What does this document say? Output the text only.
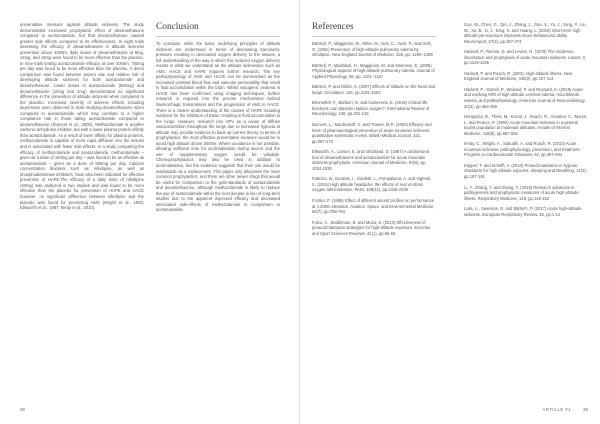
preventative measure against altitude sickness. The study demonstrated increased prophylactic effect of dexamethasone compared to acetazolamide, but that dexamethasone caused greater side effects compared to its effectiveness. In eight trials assessing the efficacy of dexamethasone in altitude sickness prevention above 4000m, daily doses of dexamethasone at 8mg, 12mg, and 16mg were found to be more effective than the placebo. In nine trials testing acetazolamide efficacy at over 4000m, 750mg per day was found to be more effective than the placebo. A direct comparison was found between ascent rate and relative risk of developing altitude sickness for both acetazolamide and dexamethasone. Lower doses of acetazolamide (500mg) and dexamethasone (10mg and 2mg) demonstrated no significant difference in the prevention of altitude sickness when compared to the placebo. Increased severity of adverse effects including depression were observed in trials studying dexamethasone when compared to acetazolamide which may correlate to a higher compliance rate in those taking acetazolamide compared to dexamethasone (Dumont et al., 2000). Methazolamide is another carbonic anhydrase inhibitor, but with a lower plasma protein affinity than acetazolamide. As a result of lower affinity for plasma proteins, methazolamide is capable of more rapid diffusion into the tissues and is associated with fewer side effects. In a study comparing the efficacy of methazolamide and acetazolamide, methazolamide – given as a dose of 150mg per day – was found to be as effective as acetazolamide – given as a dose of 500mg per day. Calcium concentration blockers such as nifedipine, as well as phosphodiesterase inhibitors, have also been indicated for effective prevention of HAPE.The efficacy of a daily dose of nifedipine (40mg) was analyzed in two studies and was found to be more effective than the placebo for prevention of HAPE and HACE however, no significant difference between nifedipine and the placebo was found for preventing AMS (Wright et al., 1993; Ellsworth et al., 1987; Imray et al., 2010).

Conclusion

To conclude, while the basic underlying principles of altitude sickness are understood in terms of decreasing barometric pressure resulting in decreased oxygen delivery to the tissues, a full understanding of the way in which this reduced oxygen delivery results in what we understand as the altitude sicknesses such as AMS, HACE and HAPE requires further research. The key pathophysiology of AMS and HACE can be summarised as the increased cerebral blood flow and vascular permeability that result in fluid accumulation within the brain. Whilst vasogenic oedema in HACE has been confirmed using imaging techniques, further research is required into the precise mechanisms behind haemorrhagic transmission and the progression of AMS to HACE. There is a clearer understanding of the causes of HAPE including evidence for the inhibition of ENaC resulting in fluid accumulation in the lungs. However, research into HPV as a cause of diffuse vasoconstriction throughout the lungs due to increased hypoxia at altitude may provide evidence to back up current theory. In terms of prophylactics, the most effective preventative measure would be to avoid high altitude above 2500m. Where avoidance is not possible, allowing sufficient time for acclimatisation during ascent and the use of supplementary oxygen would be valuable. Chemoprophylactics may also be used in addition to acclimatisation, but the evidence suggests that their use would be inadvisable as a replacement. This paper only discusses the more common prophylactics, and there are other newer drugs that would be useful for comparison to the gold-standards of acetazolamide and dexamethasone, although methazolamide is likely to replace the use of acetazolamide within the next decade in lieu of long-term studies due to the apparent improved efficacy and decreased associated side-effects of methazolamide in comparison to acetazolamide.

38
References

Bärtsch, P., Maggiorini, M., Ritter, M., Noti, C., Vock, P., and Oelz, O. (1991) Prevention of high-altitude pulmonary edema by nifedipine. New England Journal of Medicine, 325, pp. 1284–1289

Bärtsch, P., Mairbäurl, H., Maggiorini, M. and Swenson, E. (2005) Physiological aspects of high-altitude pulmonary edema. Journal of Applied Physiology, 98, pp. 1101–1110

Bärtsch, P. and Gibbs, S. (2007) Effects of altitude on the heart and lungs. Circulation, 116, pp.2191-2202

Bennetfelt, F., Barbieri, D. and Camerena, E. (2018) Critical life functions: can placebo replace oxygen?. International Review of Neurobiology, 138, pp.201-218

Dumont, L., Mardirosoff, C. and Tramer, M.R. (2000) Efficacy and harm of pharmacological prevention of acute mountain sickness: quantitative systematic review. British Medical Journal, 321, pp.267-272

Ellsworth, A., Larson, E. and Strickland, D. (1987) A randomized trial of dexamethasone and acetazolamide for acute mountain sickness prophylaxis. American Journal of Medicine, 83(6), pp. 1024-1030

Fabrizio, B., Durante, I., Giudetti, L., Pompaliana, A. and Vighetti, S. (2015) High altitude headache: the effects of real vs sham oxygen administration. PAIN, 156(11), pp.2326-2336

Forster, P. (1985) Effect of different ascent profiles on performance at 4,200m elevation. Aviation, Space, and Environmental Medicine, 56(7), pp.758-764

Fulco, C., Beidleman, B. and Muza, S. (2013) Effectiveness of preacclimatization strategies for high-altitude exposure. Exercise and Sport Sciences Reviews, 41(1), pp.55-63

Guo, W., Chen, G., Qin, J., Zhang, J., Gao, X., Yu, J., Yang, P., Liu, W., Xu, B., Li, J., Ding, X. and Huang, L. (2016) Short-term high altitude pre-exposure improves neuro-behavioural ability. Neuroreport, 27(4), pp.367-373

Hackett, P., Rennie, D. and Levine, H. (1976) The incidence, importance and prophylaxis of acute mountain sickness. Lancet, 2, pp.1149-1155

Hackett, P. and Roach, R. (2001) High-altitude illness. New England Journal of Medicine, 345(2), pp.107-114

Hackett, P., Yarnell, P., Weiland, P. and Reynard, K. (2019) Acute and evolving MRI of high-altitude cerebral edema: microbleeds, edema, and pathophysiology. American Journal of Neuroradiology, 40(3), pp.464-469

Honigman, B., Theis, M., Koziol, J., Roach, R., Houston, C., Moore, L. and Pearce, P. (1993) Acute mountain sickness in a general tourist population at moderate altitudes. Annals of Internal Medicine, 118(8), pp.587-592

Imray, C., Wright, A., Subudhi, A. and Roach, R. (2010) Acute mountain sickness: pathophysiology, prevention, and treatment. Progress in Cardiovascular Diseases, 52, pp.467-484

Küpper, T. and Schöffl, V. (2010) Preacclimatisation in hypoxic chambers for high altitude sojourns. Sleeping and Breathing, 14(3), pp.187-191

Li, Y., Zhang, Y. and Zhang, Y. (2018) Research advances in pathogenesis and prophylactic measures of acute high altitude illness. Respiratory Medicine, 145, pp.145-152

Luks, A., Swenson, E. and Bärtsch, P. (2017) Acute high-altitude sickness. European Respiratory Review, 26, pp.1-14

ARTICLE #1	39
